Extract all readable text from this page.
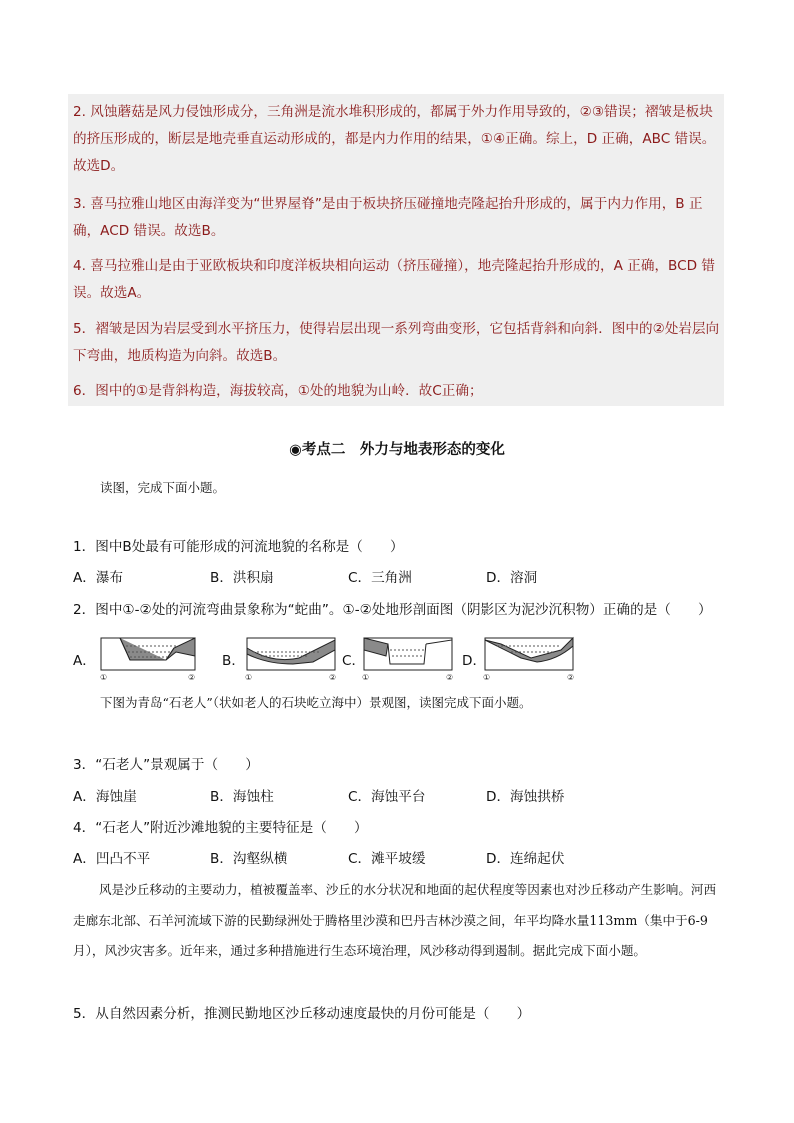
2. 风蚀蘑菇是风力侵蚀形成分，三角洲是流水堆积形成的，都属于外力作用导致的，②③错误；褶皱是板块的挤压形成的，断层是地壳垂直运动形成的，都是内力作用的结果，①④正确。综上，D 正确，ABC 错误。故选D。

3. 喜马拉雅山地区由海洋变为“世界屋脊”是由于板块挤压碰撞地壳隆起抬升形成的，属于内力作用，B 正确，ACD 错误。故选B。

4. 喜马拉雅山是由于亚欧板块和印度洋板块相向运动（挤压碰撞），地壳隆起抬升形成的，A 正确，BCD 错误。故选A。

5．褶皱是因为岩层受到水平挤压力，使得岩层出现一系列弯曲变形，它包括背斜和向斜．图中的②处岩层向下弯曲，地质构造为向斜。故选B。

6．图中的①是背斜构造，海拔较高，①处的地貌为山岭．故C正确；

◉考点二　外力与地表形态的变化

读图，完成下面小题。

1．图中B处最有可能形成的河流地貌的名称是（　　）

A．瀑布	B．洪积扇	C．三角洲	D．溶洞

2．图中①-②处的河流弯曲景象称为“蛇曲”。①-②处地形剖面图（阴影区为泥沙沉积物）正确的是（　　）

A．
①	②
B．
①	②
C．
①	②
D．
①	②

下图为青岛“石老人”（状如老人的石块屹立海中）景观图，读图完成下面小题。

3．“石老人”景观属于（　　）

A．海蚀崖	B．海蚀柱	C．海蚀平台	D．海蚀拱桥

4．“石老人”附近沙滩地貌的主要特征是（　　）

A．凹凸不平	B．沟壑纵横	C．滩平坡缓	D．连绵起伏

风是沙丘移动的主要动力，植被覆盖率、沙丘的水分状况和地面的起伏程度等因素也对沙丘移动产生影响。河西走廊东北部、石羊河流域下游的民勤绿洲处于腾格里沙漠和巴丹吉林沙漠之间，年平均降水量113mm（集中于6-9月），风沙灾害多。近年来，通过多种措施进行生态环境治理，风沙移动得到遏制。据此完成下面小题。

5．从自然因素分析，推测民勤地区沙丘移动速度最快的月份可能是（　　）
